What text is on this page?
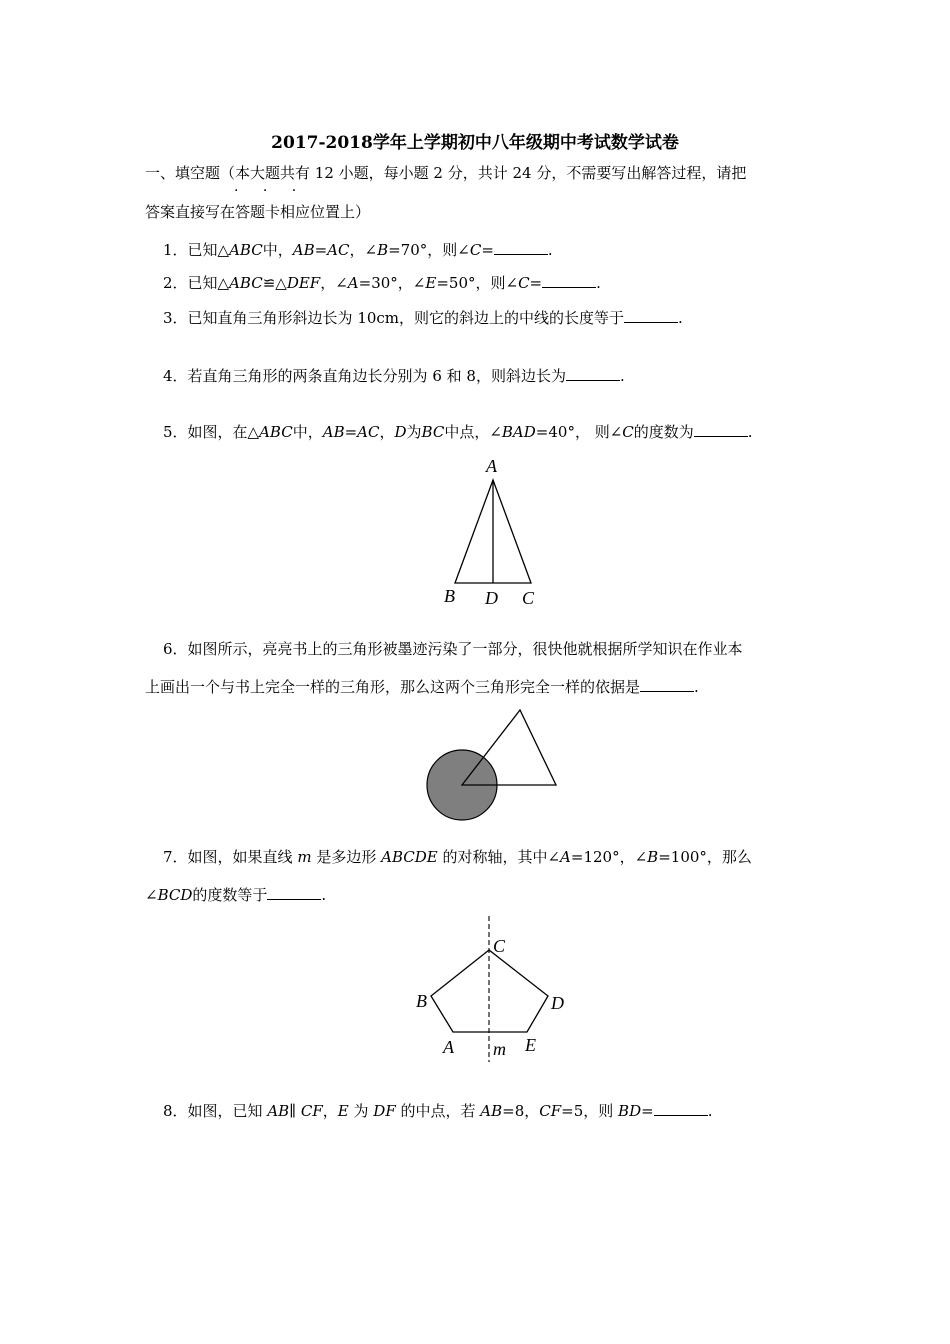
2017-2018学年上学期初中八年级期中考试数学试卷
一、填空题（本大题共有 12 小题，每小题 2 分，共计 24 分，不需要写出解答过程，请把
· · ·
答案直接写在答题卡相应位置上）
1．已知△ABC中，AB=AC，∠B=70°，则∠C=	.
2．已知△ABC≌△DEF，∠A=30°，∠E=50°，则∠C=	.
3．已知直角三角形斜边长为 10cm，则它的斜边上的中线的长度等于	.
4．若直角三角形的两条直角边长分别为 6 和 8，则斜边长为	.
5．如图，在△ABC中，AB=AC，D为BC中点，∠BAD=40°， 则∠C的度数为	.
A
B D C
6．如图所示，亮亮书上的三角形被墨迹污染了一部分，很快他就根据所学知识在作业本
上画出一个与书上完全一样的三角形，那么这两个三角形完全一样的依据是	.
7．如图，如果直线 m 是多边形 ABCDE 的对称轴，其中∠A=120°，∠B=100°，那么
∠BCD的度数等于	.
C
B	D
A m E
8．如图，已知 AB∥ CF，E 为 DF 的中点，若 AB=8，CF=5，则 BD=	.
